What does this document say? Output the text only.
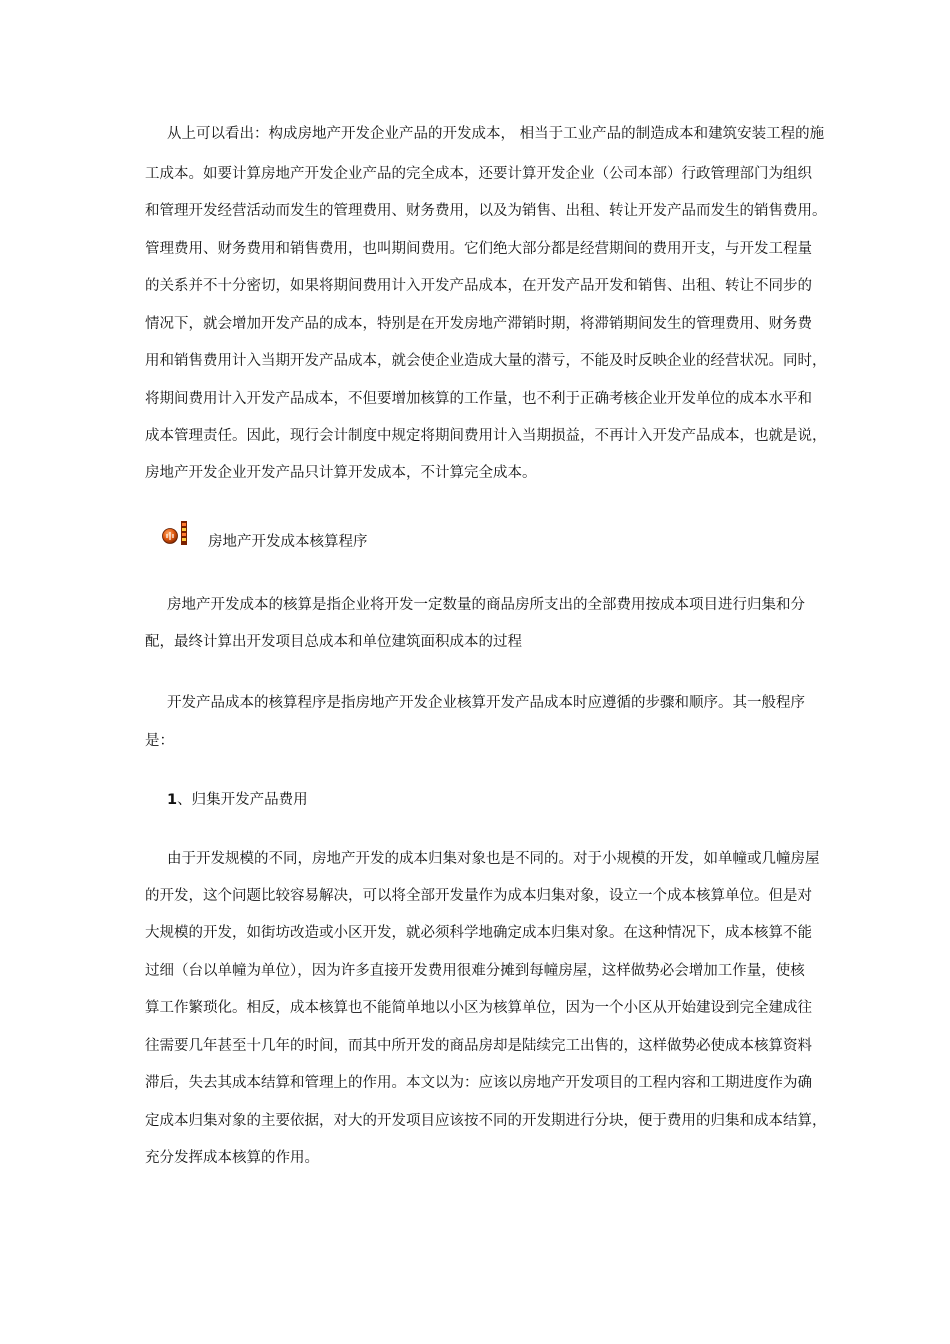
从上可以看出：构成房地产开发企业产品的开发成本， 相当于工业产品的制造成本和建筑安装工程的施
工成本。如要计算房地产开发企业产品的完全成本，还要计算开发企业（公司本部）行政管理部门为组织
和管理开发经营活动而发生的管理费用、财务费用，以及为销售、出租、转让开发产品而发生的销售费用。
管理费用、财务费用和销售费用，也叫期间费用。它们绝大部分都是经营期间的费用开支，与开发工程量
的关系并不十分密切，如果将期间费用计入开发产品成本，在开发产品开发和销售、出租、转让不同步的
情况下，就会增加开发产品的成本，特别是在开发房地产滞销时期，将滞销期间发生的管理费用、财务费
用和销售费用计入当期开发产品成本，就会使企业造成大量的潜亏，不能及时反映企业的经营状况。同时，
将期间费用计入开发产品成本，不但要增加核算的工作量，也不利于正确考核企业开发单位的成本水平和
成本管理责任。因此，现行会计制度中规定将期间费用计入当期损益，不再计入开发产品成本，也就是说，
房地产开发企业开发产品只计算开发成本，不计算完全成本。
房地产开发成本核算程序
房地产开发成本的核算是指企业将开发一定数量的商品房所支出的全部费用按成本项目进行归集和分
配，最终计算出开发项目总成本和单位建筑面积成本的过程
开发产品成本的核算程序是指房地产开发企业核算开发产品成本时应遵循的步骤和顺序。其一般程序
是：
1、归集开发产品费用
由于开发规模的不同，房地产开发的成本归集对象也是不同的。对于小规模的开发，如单幢或几幢房屋
的开发，这个问题比较容易解决，可以将全部开发量作为成本归集对象，设立一个成本核算单位。但是对
大规模的开发，如街坊改造或小区开发，就必须科学地确定成本归集对象。在这种情况下，成本核算不能
过细（台以单幢为单位），因为许多直接开发费用很难分摊到每幢房屋，这样做势必会增加工作量，使核
算工作繁琐化。相反，成本核算也不能简单地以小区为核算单位，因为一个小区从开始建设到完全建成往
往需要几年甚至十几年的时间，而其中所开发的商品房却是陆续完工出售的，这样做势必使成本核算资料
滞后，失去其成本结算和管理上的作用。本文以为：应该以房地产开发项目的工程内容和工期进度作为确
定成本归集对象的主要依据，对大的开发项目应该按不同的开发期进行分块，便于费用的归集和成本结算，
充分发挥成本核算的作用。
